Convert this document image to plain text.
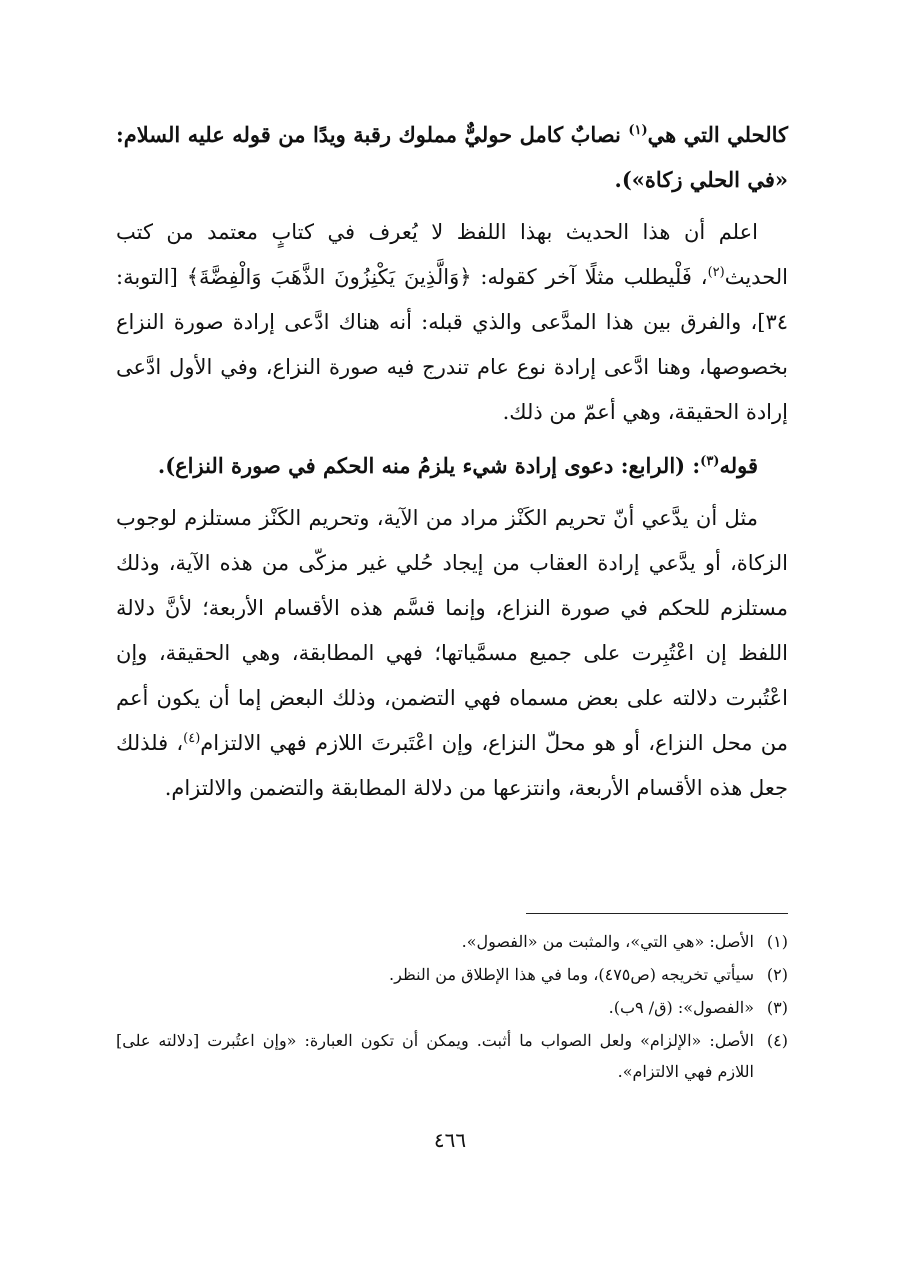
كالحلي التي هي$^{(١)}$ نصابٌ كامل حوليٌّ مملوك رقبة ويدًا من قوله عليه السلام: «في الحلي زكاة»).

اعلم أن هذا الحديث بهذا اللفظ لا يُعرف في كتابٍ معتمد من كتب الحديث$^{(٢)}$، فَلْيطلب مثلًا آخر كقوله: ﴿وَالَّذِينَ يَكْنِزُونَ الذَّهَبَ وَالْفِضَّةَ﴾ [التوبة: ٣٤]، والفرق بين هذا المدَّعى والذي قبله: أنه هناك ادَّعى إرادة صورة النزاع بخصوصها، وهنا ادَّعى إرادة نوع عام تندرج فيه صورة النزاع، وفي الأول ادَّعى إرادة الحقيقة، وهي أعمّ من ذلك.

قوله$^{(٣)}$: (الرابع: دعوى إرادة شيء يلزمُ منه الحكم في صورة النزاع).

مثل أن يدَّعي أنّ تحريم الكَنْز مراد من الآية، وتحريم الكَنْز مستلزم لوجوب الزكاة، أو يدَّعي إرادة العقاب من إيجاد حُلي غير مزكّى من هذه الآية، وذلك مستلزم للحكم في صورة النزاع، وإنما قسَّم هذه الأقسام الأربعة؛ لأنَّ دلالة اللفظ إن اعْتُبِرت على جميع مسمَّياتها؛ فهي المطابقة، وهي الحقيقة، وإن اعْتُبرت دلالته على بعض مسماه فهي التضمن، وذلك البعض إما أن يكون أعم من محل النزاع، أو هو محلّ النزاع، وإن اعْتَبرتَ اللازم فهي الالتزام$^{(٤)}$، فلذلك جعل هذه الأقسام الأربعة، وانتزعها من دلالة المطابقة والتضمن والالتزام.

(١)
الأصل: «هي التي»، والمثبت من «الفصول».
(٢)
سيأتي تخريجه (ص٤٧٥)، وما في هذا الإطلاق من النظر.
(٣)
«الفصول»: (ق/ ٩ب).
(٤)
الأصل: «الإلزام» ولعل الصواب ما أثبت. ويمكن أن تكون العبارة: «وإن اعتُبرت [دلالته على] اللازم فهي الالتزام».
٤٦٦
